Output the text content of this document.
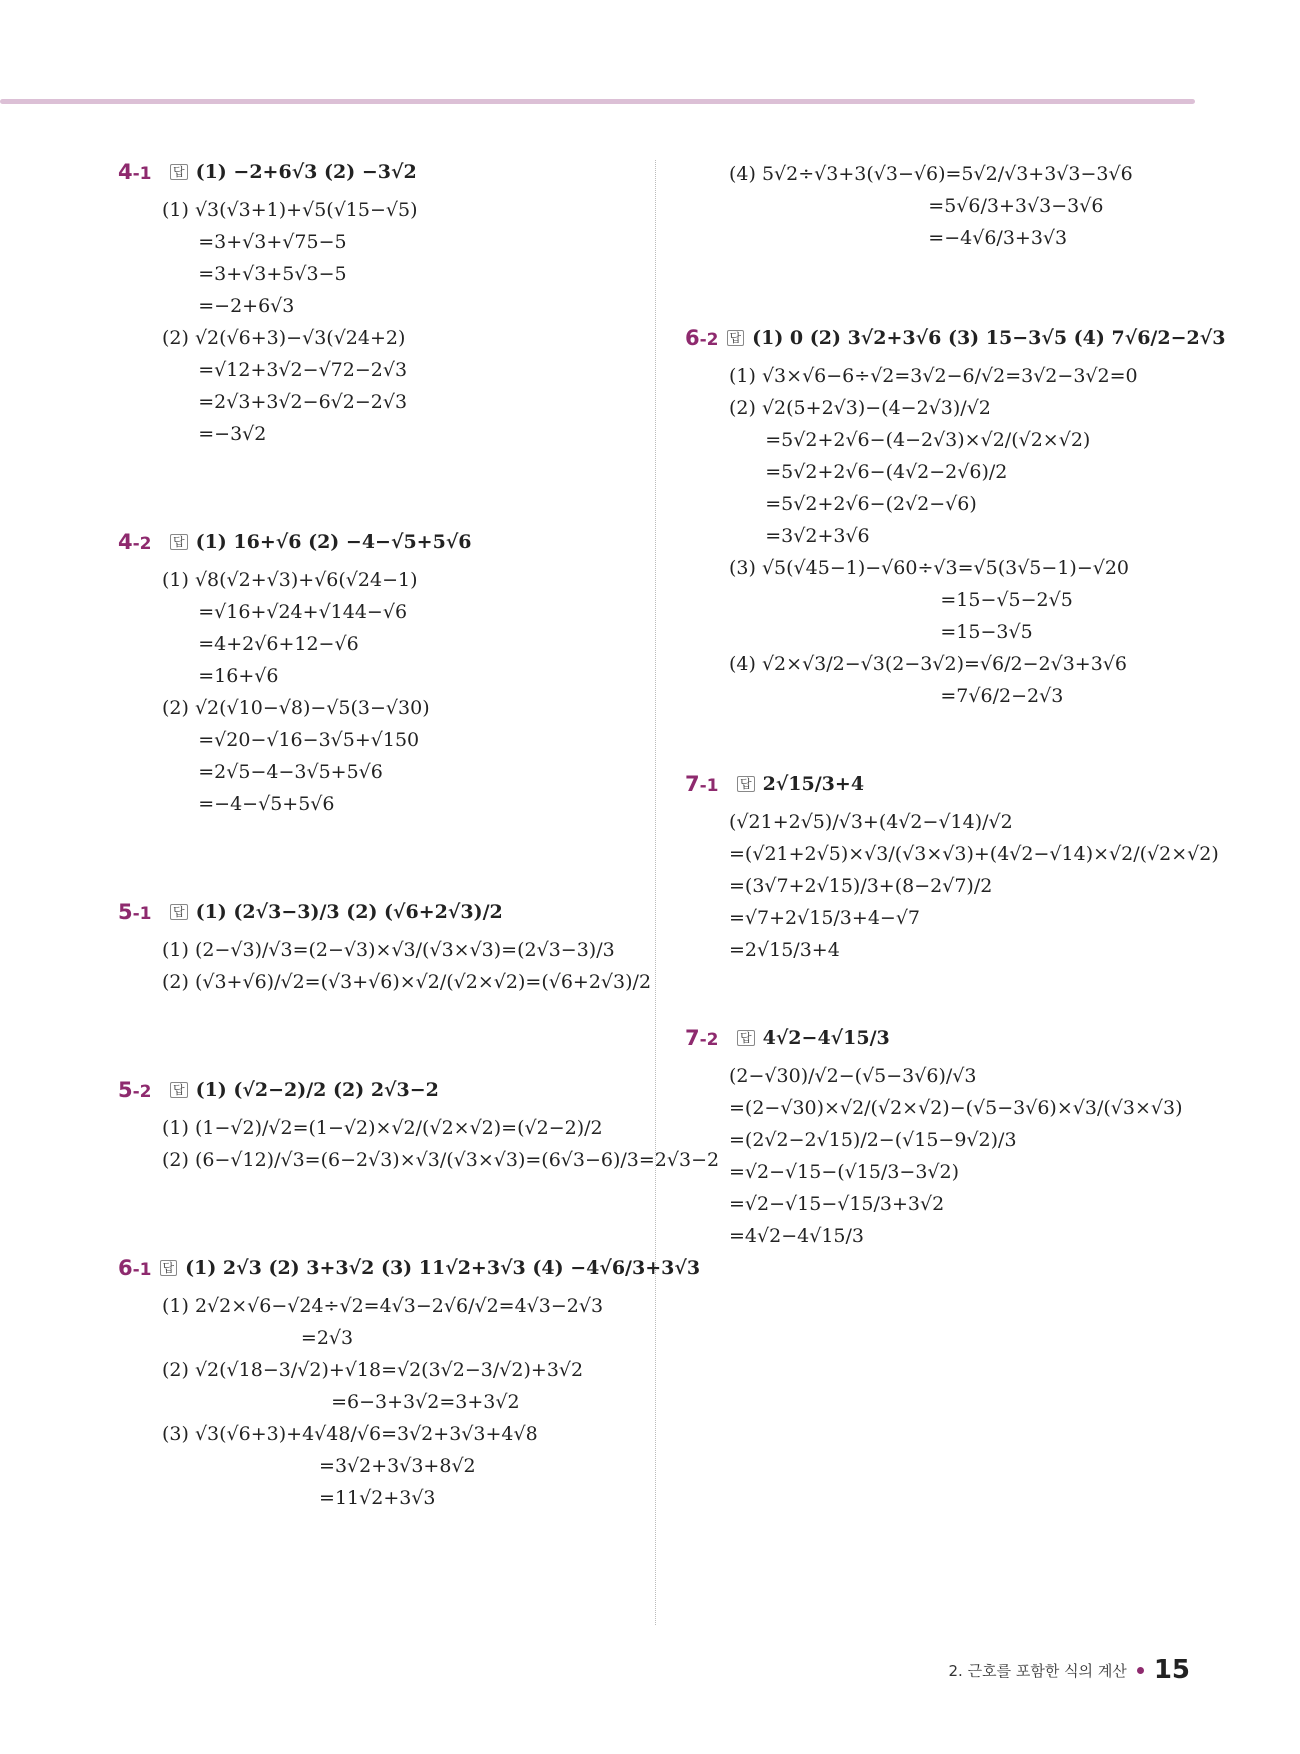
4-1	답 (1) −2+6√3 (2) −3√2
(1) √3(√3+1)+√5(√15−√5)
=3+√3+√75−5
=3+√3+5√3−5
=−2+6√3
(2) √2(√6+3)−√3(√24+2)
=√12+3√2−√72−2√3
=2√3+3√2−6√2−2√3
=−3√2
4-2	답 (1) 16+√6 (2) −4−√5+5√6
(1) √8(√2+√3)+√6(√24−1)
=√16+√24+√144−√6
=4+2√6+12−√6
=16+√6
(2) √2(√10−√8)−√5(3−√30)
=√20−√16−3√5+√150
=2√5−4−3√5+5√6
=−4−√5+5√6
5-1	답 (1) (2√3−3)/3 (2) (√6+2√3)/2
(1) (2−√3)/√3=(2−√3)×√3/(√3×√3)=(2√3−3)/3
(2) (√3+√6)/√2=(√3+√6)×√2/(√2×√2)=(√6+2√3)/2
5-2	답 (1) (√2−2)/2 (2) 2√3−2
(1) (1−√2)/√2=(1−√2)×√2/(√2×√2)=(√2−2)/2
(2) (6−√12)/√3=(6−2√3)×√3/(√3×√3)=(6√3−6)/3=2√3−2
6-1 답 (1) 2√3 (2) 3+3√2 (3) 11√2+3√3 (4) −4√6/3+3√3
(1) 2√2×√6−√24÷√2=4√3−2√6/√2=4√3−2√3
=2√3
(2) √2(√18−3/√2)+√18=√2(3√2−3/√2)+3√2
=6−3+3√2=3+3√2
(3) √3(√6+3)+4√48/√6=3√2+3√3+4√8
=3√2+3√3+8√2
=11√2+3√3
(4) 5√2÷√3+3(√3−√6)=5√2/√3+3√3−3√6
=5√6/3+3√3−3√6
=−4√6/3+3√3
6-2 답 (1) 0 (2) 3√2+3√6 (3) 15−3√5 (4) 7√6/2−2√3
(1) √3×√6−6÷√2=3√2−6/√2=3√2−3√2=0
(2) √2(5+2√3)−(4−2√3)/√2
=5√2+2√6−(4−2√3)×√2/(√2×√2)
=5√2+2√6−(4√2−2√6)/2
=5√2+2√6−(2√2−√6)
=3√2+3√6
(3) √5(√45−1)−√60÷√3=√5(3√5−1)−√20
=15−√5−2√5
=15−3√5
(4) √2×√3/2−√3(2−3√2)=√6/2−2√3+3√6
=7√6/2−2√3
7-1	답 2√15/3+4
(√21+2√5)/√3+(4√2−√14)/√2
=(√21+2√5)×√3/(√3×√3)+(4√2−√14)×√2/(√2×√2)
=(3√7+2√15)/3+(8−2√7)/2
=√7+2√15/3+4−√7
=2√15/3+4
7-2	답 4√2−4√15/3
(2−√30)/√2−(√5−3√6)/√3
=(2−√30)×√2/(√2×√2)−(√5−3√6)×√3/(√3×√3)
=(2√2−2√15)/2−(√15−9√2)/3
=√2−√15−(√15/3−3√2)
=√2−√15−√15/3+3√2
=4√2−4√15/3
2. 근호를 포함한 식의 계산 15
